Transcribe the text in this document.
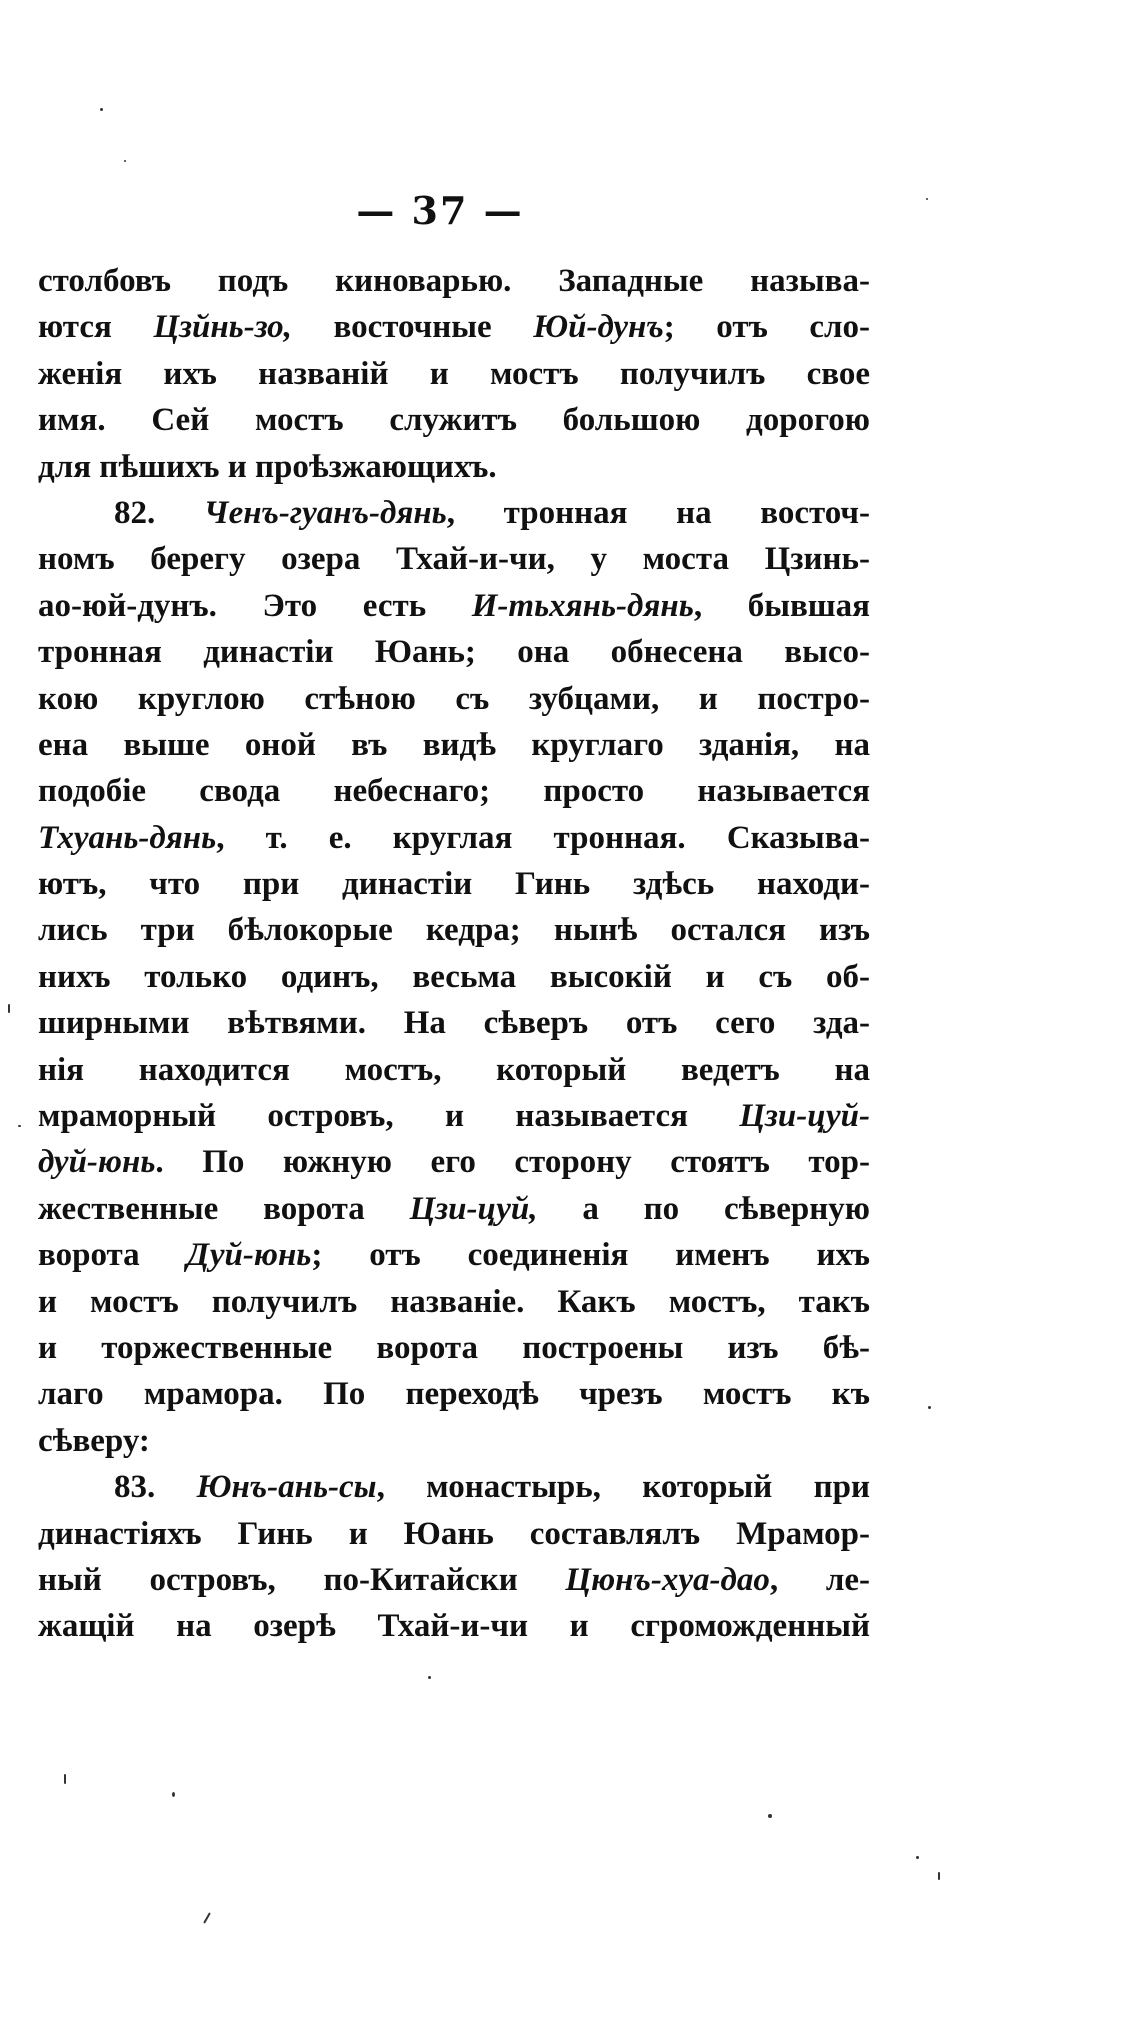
— 37 —
столбовъ подъ киноварью. Западные называ-
ются Цзйнь-зо, восточные Юй-дунъ; отъ сло-
женія ихъ названій и мостъ получилъ свое
имя. Сей мостъ служитъ большою дорогою
для пѣшихъ и проѣзжающихъ.
82. Ченъ-гуанъ-дянь, тронная на восточ-
номъ берегу озера Тхай-и-чи, у моста Цзинь-
ао-юй-дунъ. Это есть И-тьхянь-дянь, бывшая
тронная династіи Юань; она обнесена высо-
кою круглою стѣною съ зубцами, и постро-
ена выше оной въ видѣ круглаго зданія, на
подобіе свода небеснаго; просто называется
Тхуань-дянь, т. е. круглая тронная. Сказыва-
ютъ, что при династіи Гинь здѣсь находи-
лись три бѣлокорые кедра; нынѣ остался изъ
нихъ только одинъ, весьма высокій и съ об-
ширными вѣтвями. На сѣверъ отъ сего зда-
нія находится мостъ, который ведетъ на
мраморный островъ, и называется Цзи-цуй-
дуй-юнь. По южную его сторону стоятъ тор-
жественные ворота Цзи-цуй, а по сѣверную
ворота Дуй-юнь; отъ соединенія именъ ихъ
и мостъ получилъ названіе. Какъ мостъ, такъ
и торжественные ворота построены изъ бѣ-
лаго мрамора. По переходѣ чрезъ мостъ къ
сѣверу:
83. Юнъ-ань-сы, монастырь, который при
династіяхъ Гинь и Юань составлялъ Мрамор-
ный островъ, по-Китайски Цюнъ-хуа-дао, ле-
жащій на озерѣ Тхай-и-чи и сгроможденный
